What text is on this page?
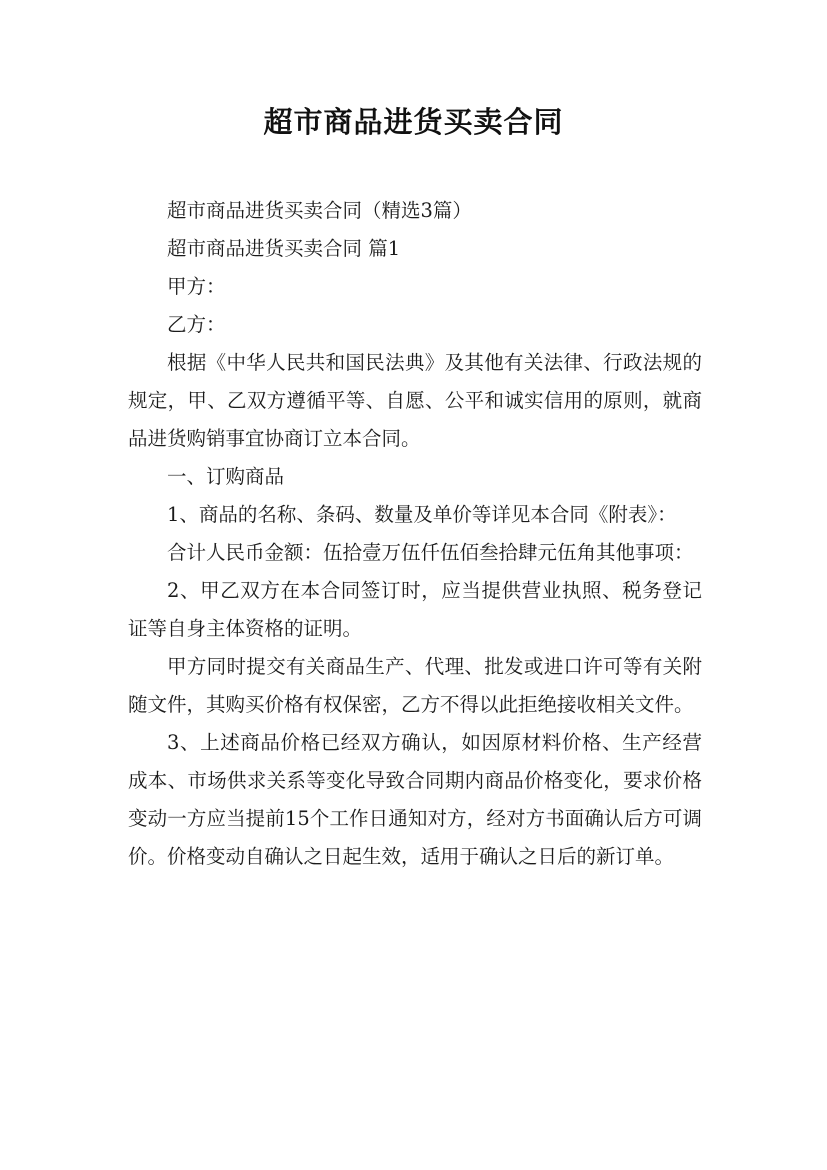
超市商品进货买卖合同

超市商品进货买卖合同（精选3篇）

超市商品进货买卖合同 篇1

甲方：

乙方：

根据《中华人民共和国民法典》及其他有关法律、行政法规的规定，甲、乙双方遵循平等、自愿、公平和诚实信用的原则，就商品进货购销事宜协商订立本合同。

一、订购商品

1、商品的名称、条码、数量及单价等详见本合同《附表》：

合计人民币金额：伍拾壹万伍仟伍佰叁拾肆元伍角其他事项：

2、甲乙双方在本合同签订时，应当提供营业执照、税务登记证等自身主体资格的证明。

甲方同时提交有关商品生产、代理、批发或进口许可等有关附随文件，其购买价格有权保密，乙方不得以此拒绝接收相关文件。

3、上述商品价格已经双方确认，如因原材料价格、生产经营成本、市场供求关系等变化导致合同期内商品价格变化，要求价格变动一方应当提前15个工作日通知对方，经对方书面确认后方可调价。价格变动自确认之日起生效，适用于确认之日后的新订单。
